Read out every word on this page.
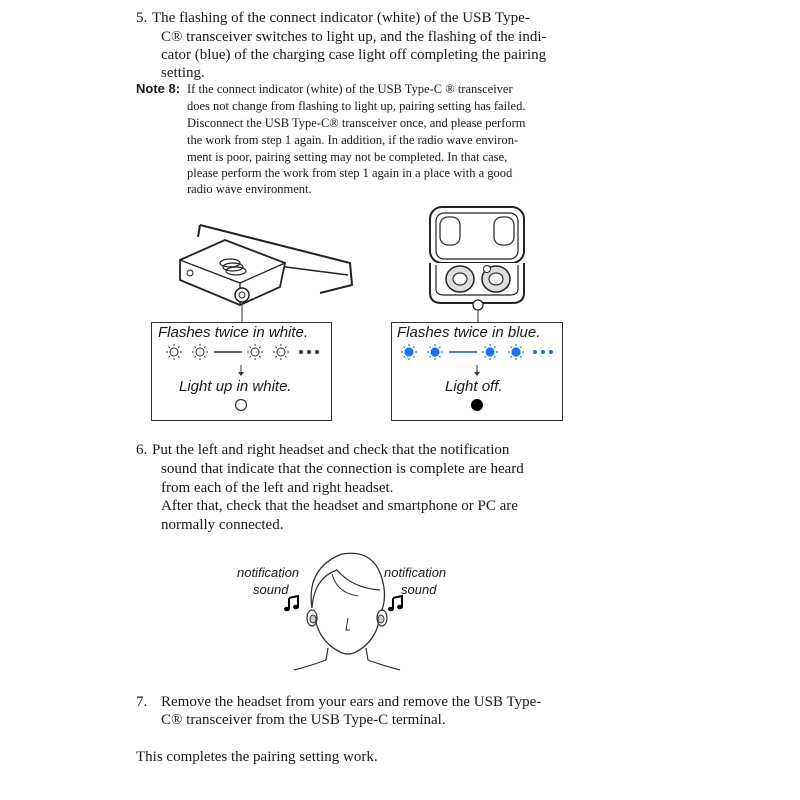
5. The flashing of the connect indicator (white) of the USB Type-
C® transceiver switches to light up, and the flashing of the indi-
cator (blue) of the charging case light off completing the pairing
setting.
Note 8: If the connect indicator (white) of the USB Type-C ® transceiver
does not change from flashing to light up, pairing setting has failed.
Disconnect the USB Type-C® transceiver once, and please perform
the work from step 1 again. In addition, if the radio wave environ-
ment is poor, pairing setting may not be completed. In that case,
please perform the work from step 1 again in a place with a good
radio wave environment.
Flashes twice in white.
Light up in white.
Flashes twice in blue.
Light off.
6. Put the left and right headset and check that the notification
sound that indicate that the connection is complete are heard
from each of the left and right headset.
After that, check that the headset and smartphone or PC are
normally connected.
notification
sound
notification
sound
7. Remove the headset from your ears and remove the USB Type-
C® transceiver from the USB Type-C terminal.
This completes the pairing setting work.
